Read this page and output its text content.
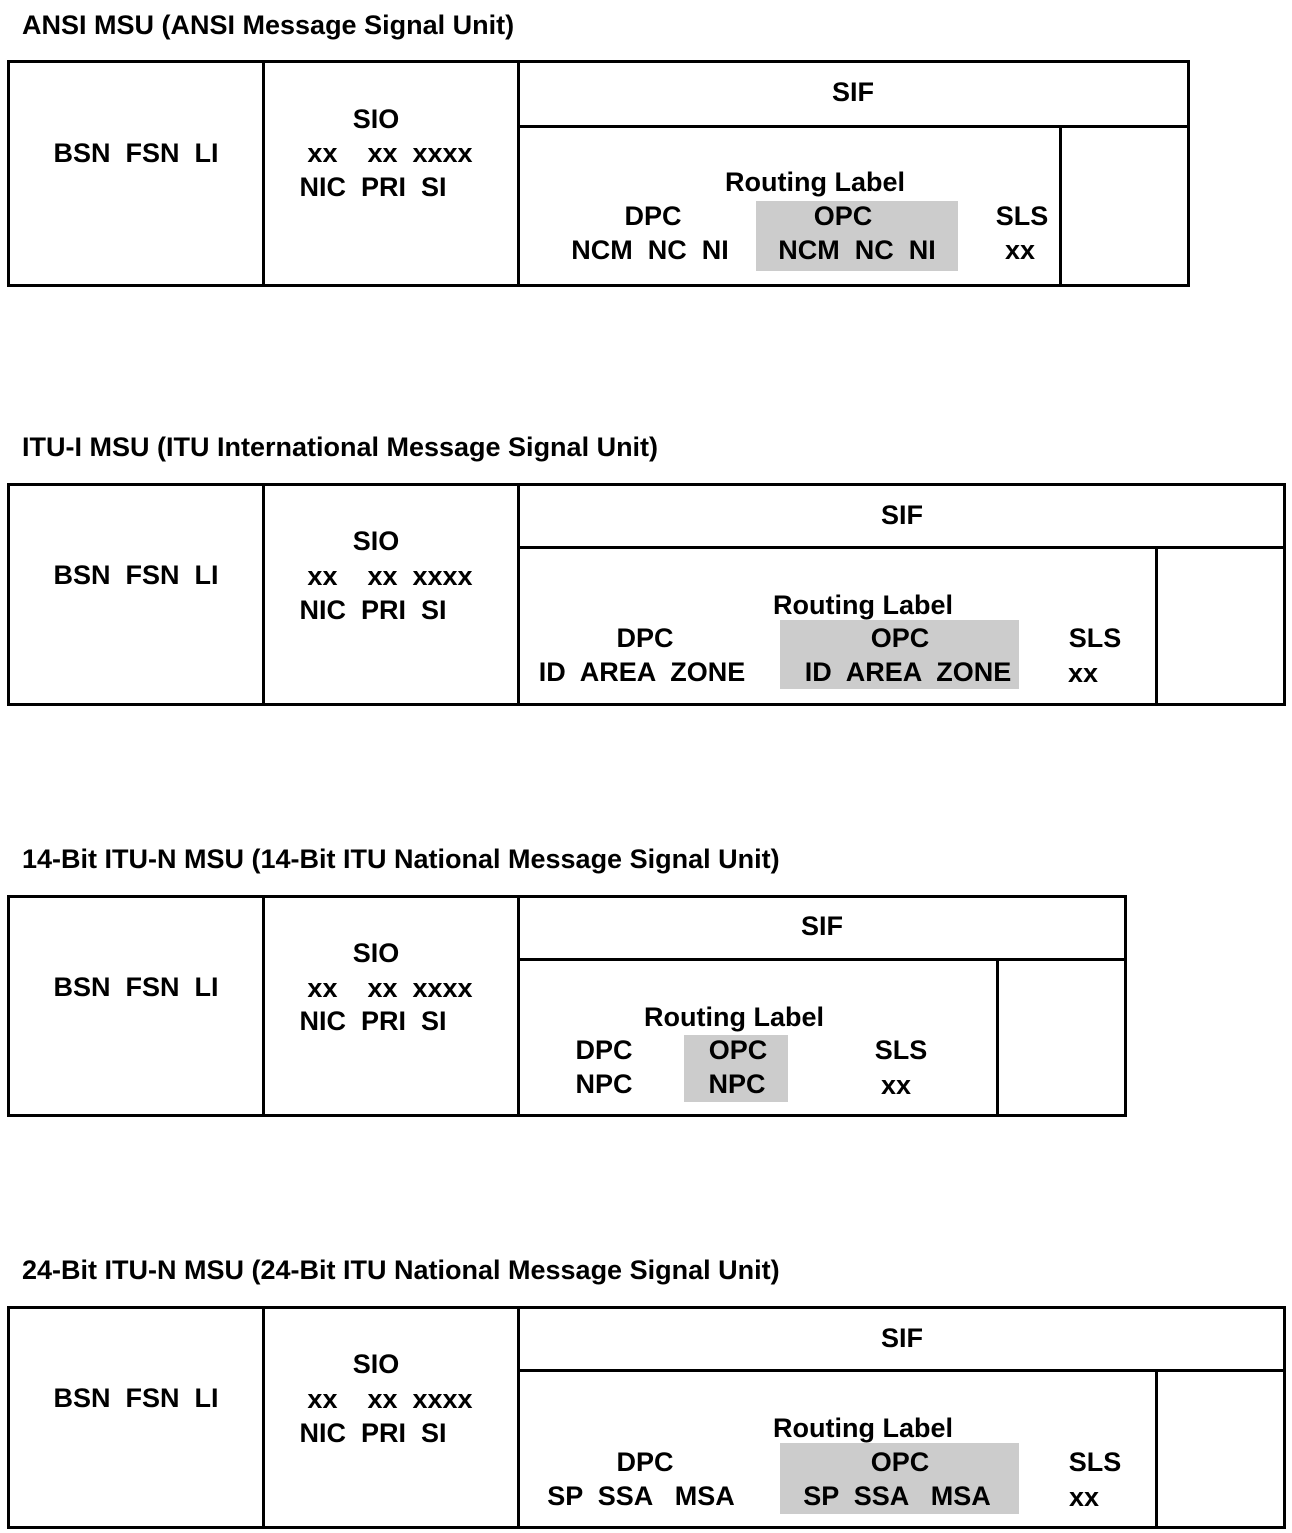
ANSI MSU (ANSI Message Signal Unit)
BSN  FSN  LI
SIO
xx    xx  xxxx
NIC  PRI  SI
SIF
Routing Label
DPC
NCM  NC  NI
OPC
NCM  NC  NI
SLS
xx
ITU-I MSU (ITU International Message Signal Unit)
BSN  FSN  LI
SIO
xx    xx  xxxx
NIC  PRI  SI
SIF
Routing Label
DPC
ID  AREA  ZONE
OPC
ID  AREA  ZONE
SLS
xx
14-Bit ITU-N MSU (14-Bit ITU National Message Signal Unit)
BSN  FSN  LI
SIO
xx    xx  xxxx
NIC  PRI  SI
SIF
Routing Label
DPC
NPC
OPC
NPC
SLS
xx
24-Bit ITU-N MSU (24-Bit ITU National Message Signal Unit)
BSN  FSN  LI
SIO
xx    xx  xxxx
NIC  PRI  SI
SIF
Routing Label
DPC
SP  SSA   MSA
OPC
SP  SSA   MSA
SLS
xx
